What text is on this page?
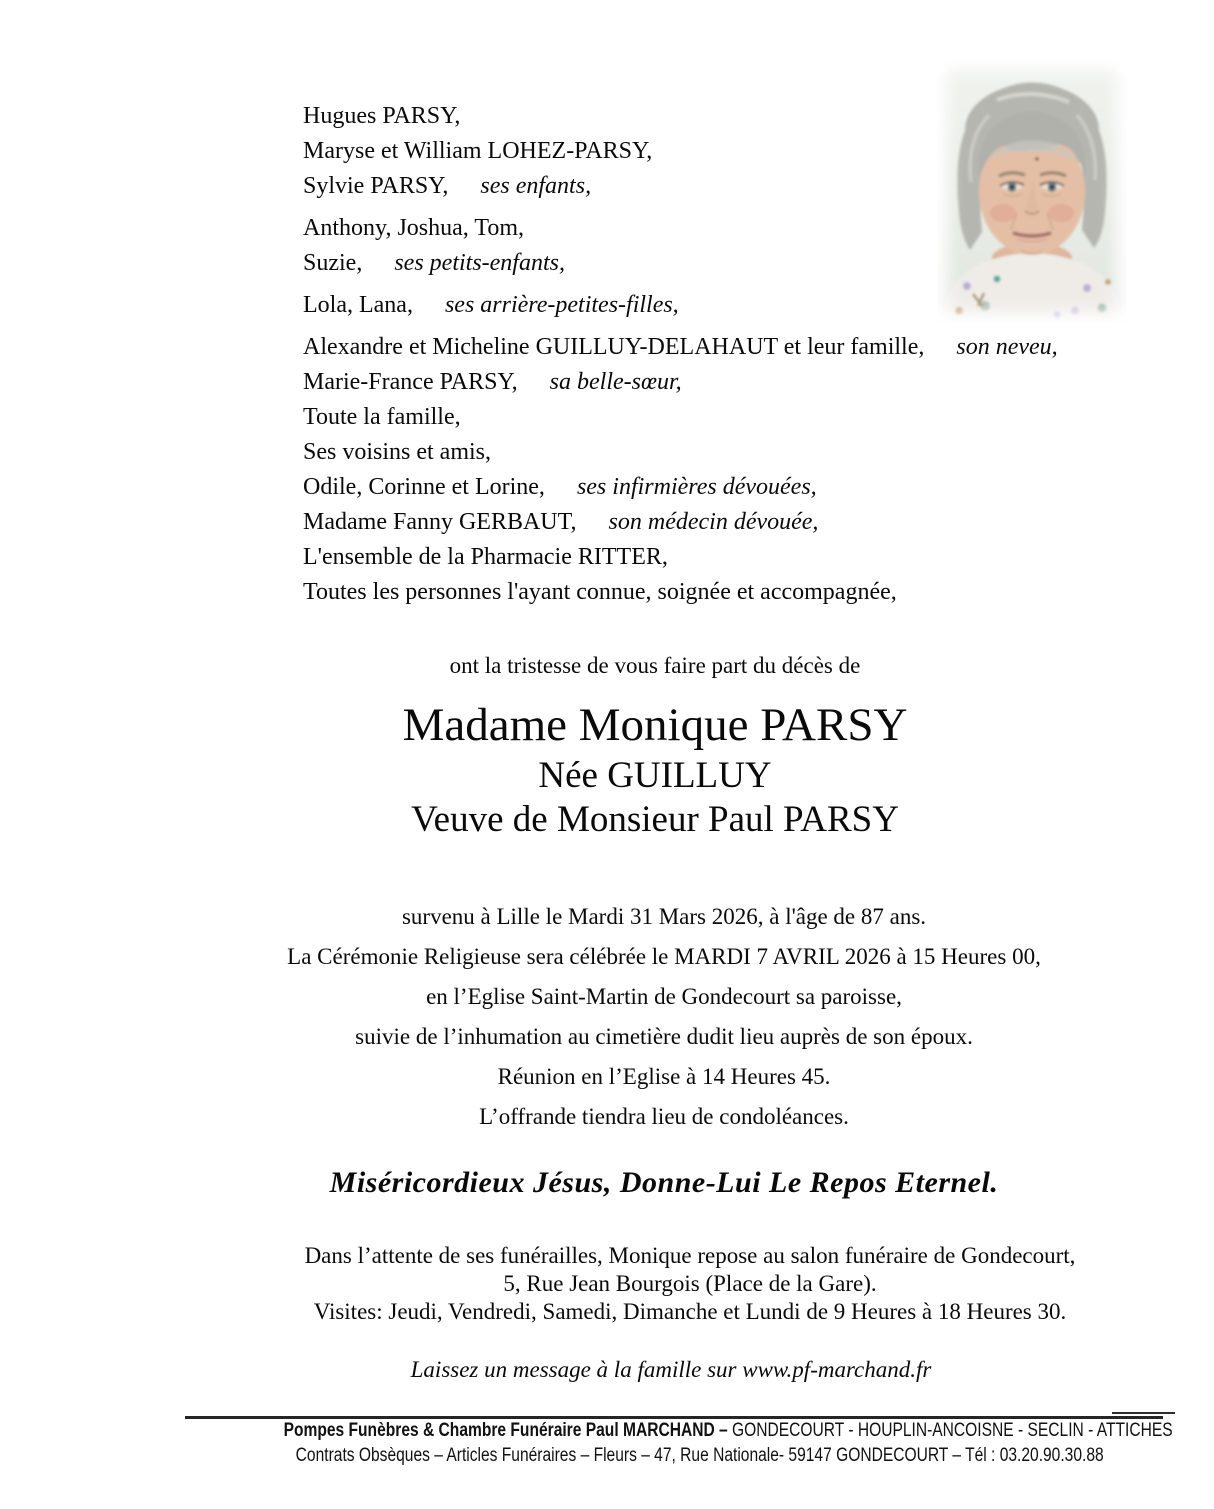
Hugues PARSY,
Maryse et William LOHEZ-PARSY,
Sylvie PARSY, ses enfants,
Anthony, Joshua, Tom,
Suzie, ses petits-enfants,
Lola, Lana, ses arrière-petites-filles,
Alexandre et Micheline GUILLUY-DELAHAUT et leur famille, son neveu,
Marie-France PARSY, sa belle-sœur,
Toute la famille,
Ses voisins et amis,
Odile, Corinne et Lorine, ses infirmières dévouées,
Madame Fanny GERBAUT, son médecin dévouée,
L'ensemble de la Pharmacie RITTER,
Toutes les personnes l'ayant connue, soignée et accompagnée,
ont la tristesse de vous faire part du décès de
Madame Monique PARSY
Née GUILLUY
Veuve de Monsieur Paul PARSY
survenu à Lille le Mardi 31 Mars 2026, à l'âge de 87 ans.
La Cérémonie Religieuse sera célébrée le MARDI 7 AVRIL 2026 à 15 Heures 00,
en l’Eglise Saint-Martin de Gondecourt sa paroisse,
suivie de l’inhumation au cimetière dudit lieu auprès de son époux.
Réunion en l’Eglise à 14 Heures 45.
L’offrande tiendra lieu de condoléances.
Miséricordieux Jésus, Donne-Lui Le Repos Eternel.
Dans l’attente de ses funérailles, Monique repose au salon funéraire de Gondecourt,
5, Rue Jean Bourgois (Place de la Gare).
Visites: Jeudi, Vendredi, Samedi, Dimanche et Lundi de 9 Heures à 18 Heures 30.
Laissez un message à la famille sur www.pf-marchand.fr
Pompes Funèbres & Chambre Funéraire Paul MARCHAND – GONDECOURT - HOUPLIN-ANCOISNE - SECLIN - ATTICHES
Contrats Obsèques – Articles Funéraires – Fleurs – 47, Rue Nationale- 59147 GONDECOURT – Tél : 03.20.90.30.88
